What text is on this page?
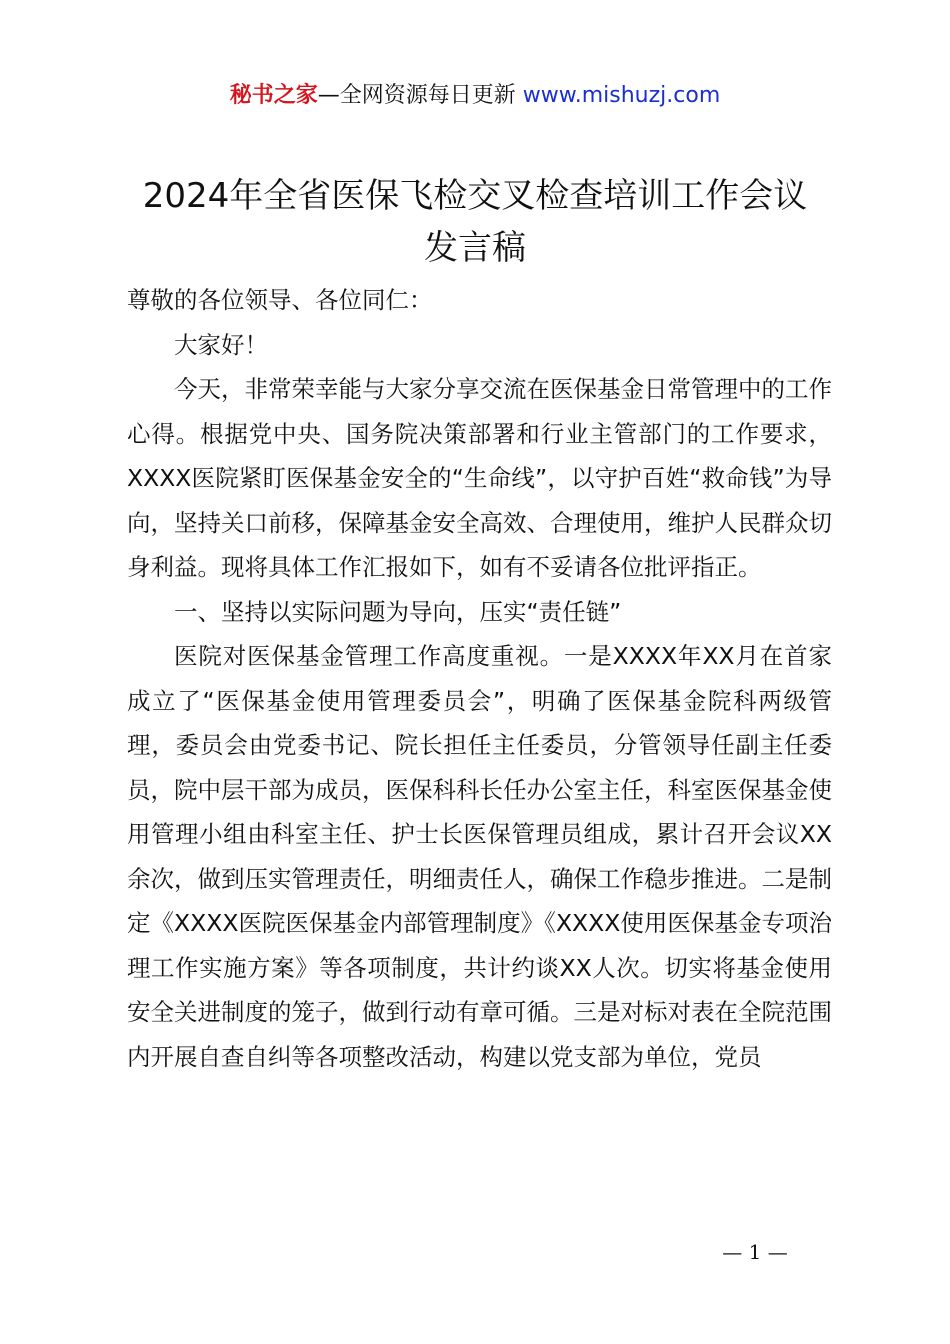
秘书之家—全网资源每日更新 www.mishuzj.com
2024年全省医保飞检交叉检查培训工作会议
发言稿

尊敬的各位领导、各位同仁：

大家好！

今天，非常荣幸能与大家分享交流在医保基金日常管理中的工作心得。根据党中央、国务院决策部署和行业主管部门的工作要求，XXXX医院紧盯医保基金安全的“生命线”，以守护百姓“救命钱”为导向，坚持关口前移，保障基金安全高效、合理使用，维护人民群众切身利益。现将具体工作汇报如下，如有不妥请各位批评指正。

一、坚持以实际问题为导向，压实“责任链”

医院对医保基金管理工作高度重视。一是XXXX年XX月在首家成立了“医保基金使用管理委员会”，明确了医保基金院科两级管理，委员会由党委书记、院长担任主任委员，分管领导任副主任委员，院中层干部为成员，医保科科长任办公室主任，科室医保基金使用管理小组由科室主任、护士长医保管理员组成，累计召开会议XX余次，做到压实管理责任，明细责任人，确保工作稳步推进。二是制定《XXXX医院医保基金内部管理制度》《XXXX使用医保基金专项治理工作实施方案》等各项制度，共计约谈XX人次。切实将基金使用安全关进制度的笼子，做到行动有章可循。三是对标对表在全院范围内开展自查自纠等各项整改活动，构建以党支部为单位，党员

— 1 —
